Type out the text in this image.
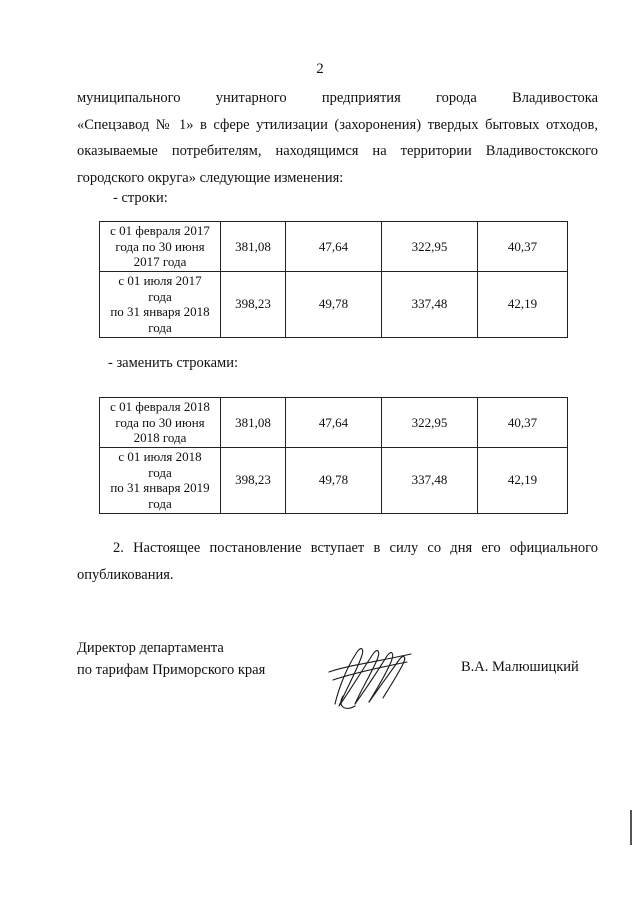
2
муниципального унитарного предприятия города Владивостока
«Спецзавод № 1» в сфере утилизации (захоронения) твердых бытовых отходов,
оказываемые потребителям, находящимся на территории Владивостокского
городского округа» следующие изменения:
- строки:
с 01 февраля 2017
года по 30 июня
2017 года	381,08	47,64	322,95	40,37
с 01 июля 2017
года
по 31 января 2018
года	398,23	49,78	337,48	42,19
- заменить строками:
с 01 февраля 2018
года по 30 июня
2018 года	381,08	47,64	322,95	40,37
с 01 июля 2018
года
по 31 января 2019
года	398,23	49,78	337,48	42,19
2. Настоящее постановление вступает в силу со дня его официального
опубликования.
Директор департамента
по тарифам Приморского края	В.А. Малюшицкий
